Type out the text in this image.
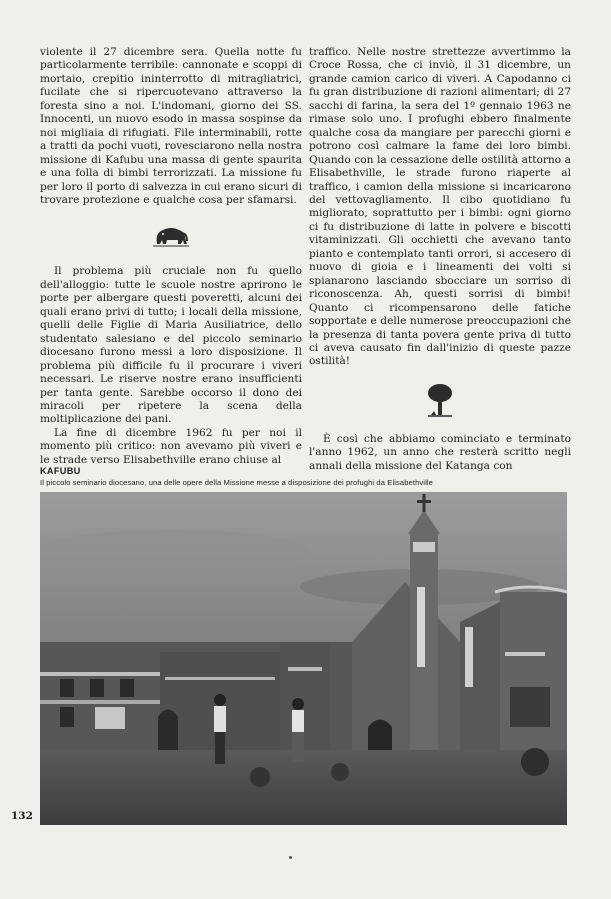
violente il 27 dicembre sera. Quella notte fu particolarmente terribile: cannonate e scoppi di mortaio, crepitio ininterrotto di mitragliatrici, fucilate che si ripercuotevano attraverso la foresta sino a noi. L'indomani, giorno dei SS. Innocenti, un nuovo esodo in massa sospinse da noi migliaia di rifugiati. File interminabili, rotte a tratti da pochi vuoti, rovesciarono nella nostra missione di Kafubu una massa di gente spaurita e una folla di bimbi terrorizzati. La missione fu per loro il porto di salvezza in cui erano sicuri di trovare protezione e qualche cosa per sfamarsi.

Il problema più cruciale non fu quello dell'alloggio: tutte le scuole nostre aprirono le porte per albergare questi poveretti, alcuni dei quali erano privi di tutto; i locali della missione, quelli delle Figlie di Maria Ausiliatrice, dello studentato salesiano e del piccolo seminario diocesano furono messi a loro disposizione. Il problema più difficile fu il procurare i viveri necessari. Le riserve nostre erano insufficienti per tanta gente. Sarebbe occorso il dono dei miracoli per ripetere la scena della moltiplicazione dei pani.

La fine di dicembre 1962 fu per noi il momento più critico: non avevamo più viveri e le strade verso Elisabethville erano chiuse al

traffico. Nelle nostre strettezze avvertimmo la Croce Rossa, che ci inviò, il 31 dicembre, un grande camion carico di viveri. A Capodanno ci fu gran distribuzione di razioni alimentari; di 27 sacchi di farina, la sera del 1º gennaio 1963 ne rimase solo uno. I profughi ebbero finalmente qualche cosa da mangiare per parecchi giorni e potrono così calmare la fame dei loro bimbi. Quando con la cessazione delle ostilità attorno a Elisabethville, le strade furono riaperte al traffico, i camion della missione si incaricarono del vettovagliamento. Il cibo quotidiano fu migliorato, soprattutto per i bimbi: ogni giorno ci fu distribuzione di latte in polvere e biscotti vitaminizzati. Gli occhietti che avevano tanto pianto e contemplato tanti orrori, si accesero di nuovo di gioia e i lineamenti dei volti si spianarono lasciando sbocciare un sorriso di riconoscenza. Ah, questi sorrisi di bimbi! Quanto ci ricompensarono delle fatiche sopportate e delle numerose preoccupazioni che la presenza di tanta povera gente priva di tutto ci aveva causato fin dall'inizio di queste pazze ostilità!

È così che abbiamo cominciato e terminato l'anno 1962, un anno che resterà scritto negli annali della missione del Katanga con

KAFUBU
Il piccolo seminario diocesano, una delle opere della Missione messe a disposizione dei profughi da Elisabethville
132
